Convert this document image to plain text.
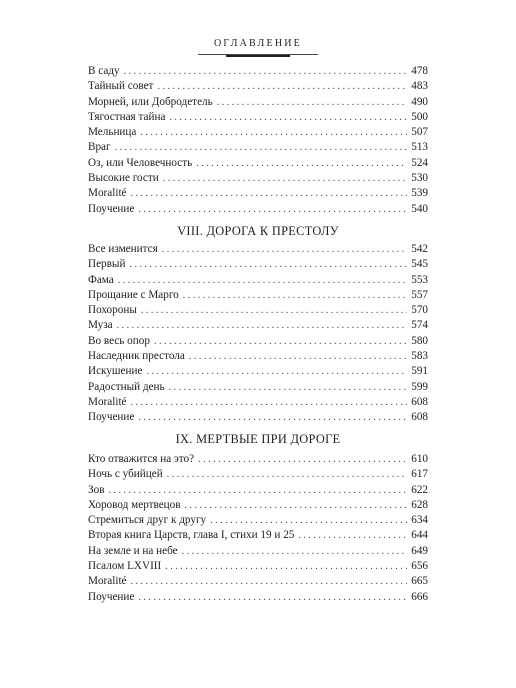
ОГЛАВЛЕНИЕ
В саду . . .	478
Тайный совет . . .	483
Морней, или Добродетель . . .	490
Тягостная тайна . . .	500
Мельница . . .	507
Враг . . .	513
Оз, или Человечность . . .	524
Высокие гости . . .	530
Moralité . . .	539
Поучение . . .	540
VIII. ДОРОГА К ПРЕСТОЛУ
Все изменится . . .	542
Первый . . .	545
Фама . . .	553
Прощание с Марго . . .	557
Похороны . . .	570
Муза . . .	574
Во весь опор . . .	580
Наследник престола . . .	583
Искушение . . .	591
Радостный день . . .	599
Moralité . . .	608
Поучение . . .	608
IX. МЕРТВЫЕ ПРИ ДОРОГЕ
Кто отважится на это? . . .	610
Ночь с убийцей . . .	617
Зов . . .	622
Хоровод мертвецов . . .	628
Стремиться друг к другу . . .	634
Вторая книга Царств, глава I, стихи 19 и 25 . . .	644
На земле и на небе . . .	649
Псалом LXVIII . . .	656
Moralité . . .	665
Поучение . . .	666
